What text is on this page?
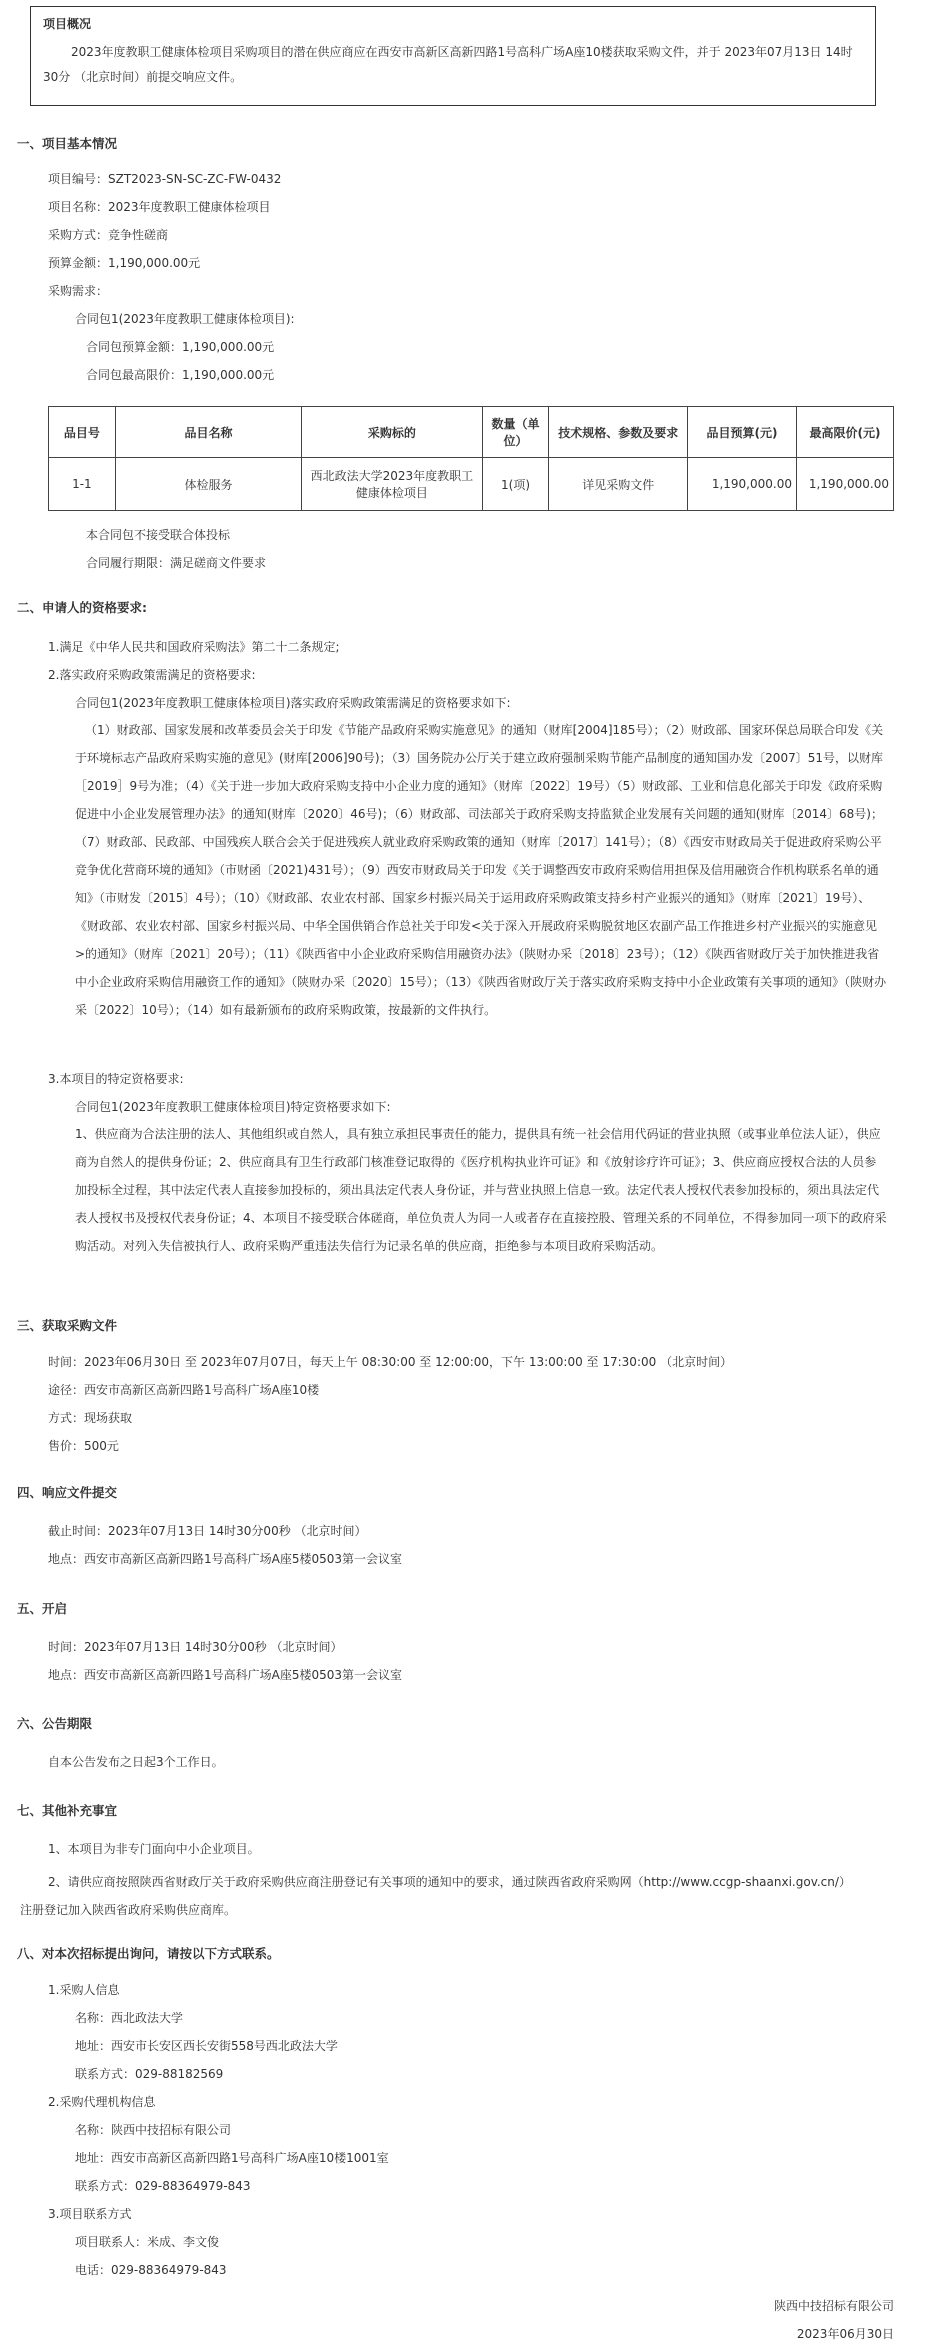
项目概况
2023年度教职工健康体检项目采购项目的潜在供应商应在西安市高新区高新四路1号高科广场A座10楼获取采购文件，并于 2023年07月13日 14时30分 （北京时间）前提交响应文件。
一、项目基本情况
项目编号：SZT2023-SN-SC-ZC-FW-0432
项目名称：2023年度教职工健康体检项目
采购方式：竞争性磋商
预算金额：1,190,000.00元
采购需求：
合同包1(2023年度教职工健康体检项目):
合同包预算金额：1,190,000.00元
合同包最高限价：1,190,000.00元
品目号	品目名称	采购标的	数量（单位）	技术规格、参数及要求	品目预算(元)	最高限价(元)
1-1	体检服务	西北政法大学2023年度教职工健康体检项目	1(项)	详见采购文件	1,190,000.00	1,190,000.00
本合同包不接受联合体投标
合同履行期限：满足磋商文件要求
二、申请人的资格要求:
1.满足《中华人民共和国政府采购法》第二十二条规定;
2.落实政府采购政策需满足的资格要求:
合同包1(2023年度教职工健康体检项目)落实政府采购政策需满足的资格要求如下:
（1）财政部、国家发展和改革委员会关于印发《节能产品政府采购实施意见》的通知（财库[2004]185号）；（2）财政部、国家环保总局联合印发《关于环境标志产品政府采购实施的意见》(财库[2006]90号)；（3）国务院办公厅关于建立政府强制采购节能产品制度的通知国办发〔2007〕51号，以财库［2019］9号为准；（4）《关于进一步加大政府采购支持中小企业力度的通知》（财库〔2022〕19号）（5）财政部、工业和信息化部关于印发《政府采购促进中小企业发展管理办法》的通知(财库〔2020〕46号)；（6）财政部、司法部关于政府采购支持监狱企业发展有关问题的通知(财库〔2014〕68号)；（7）财政部、民政部、中国残疾人联合会关于促进残疾人就业政府采购政策的通知（财库〔2017〕141号）；（8）《西安市财政局关于促进政府采购公平竞争优化营商环境的通知》（市财函〔2021)431号）；（9）西安市财政局关于印发《关于调整西安市政府采购信用担保及信用融资合作机构联系名单的通知》（市财发〔2015〕4号）；（10）《财政部、农业农村部、国家乡村振兴局关于运用政府采购政策支持乡村产业振兴的通知》（财库〔2021〕19号）、《财政部、农业农村部、国家乡村振兴局、中华全国供销合作总社关于印发<关于深入开展政府采购脱贫地区农副产品工作推进乡村产业振兴的实施意见>的通知》（财库〔2021〕20号）；（11）《陕西省中小企业政府采购信用融资办法》（陕财办采〔2018〕23号）；（12）《陕西省财政厅关于加快推进我省中小企业政府采购信用融资工作的通知》（陕财办采〔2020〕15号）；（13）《陕西省财政厅关于落实政府采购支持中小企业政策有关事项的通知》（陕财办采〔2022〕10号）；（14）如有最新颁布的政府采购政策，按最新的文件执行。
3.本项目的特定资格要求:
合同包1(2023年度教职工健康体检项目)特定资格要求如下:
1、供应商为合法注册的法人、其他组织或自然人，具有独立承担民事责任的能力，提供具有统一社会信用代码证的营业执照（或事业单位法人证），供应商为自然人的提供身份证；2、供应商具有卫生行政部门核准登记取得的《医疗机构执业许可证》和《放射诊疗许可证》；3、供应商应授权合法的人员参加投标全过程，其中法定代表人直接参加投标的，须出具法定代表人身份证，并与营业执照上信息一致。法定代表人授权代表参加投标的，须出具法定代表人授权书及授权代表身份证；4、本项目不接受联合体磋商，单位负责人为同一人或者存在直接控股、管理关系的不同单位，不得参加同一项下的政府采购活动。对列入失信被执行人、政府采购严重违法失信行为记录名单的供应商，拒绝参与本项目政府采购活动。
三、获取采购文件
时间：2023年06月30日 至 2023年07月07日，每天上午 08:30:00 至 12:00:00，下午 13:00:00 至 17:30:00 （北京时间）
途径：西安市高新区高新四路1号高科广场A座10楼
方式：现场获取
售价：500元
四、响应文件提交
截止时间：2023年07月13日 14时30分00秒 （北京时间）
地点：西安市高新区高新四路1号高科广场A座5楼0503第一会议室
五、开启
时间：2023年07月13日 14时30分00秒 （北京时间）
地点：西安市高新区高新四路1号高科广场A座5楼0503第一会议室
六、公告期限
自本公告发布之日起3个工作日。
七、其他补充事宜
1、本项目为非专门面向中小企业项目。
2、请供应商按照陕西省财政厅关于政府采购供应商注册登记有关事项的通知中的要求，通过陕西省政府采购网（http://www.ccgp-shaanxi.gov.cn/）
注册登记加入陕西省政府采购供应商库。
八、对本次招标提出询问，请按以下方式联系。
1.采购人信息
名称：西北政法大学
地址：西安市长安区西长安街558号西北政法大学
联系方式：029-88182569
2.采购代理机构信息
名称：陕西中技招标有限公司
地址：西安市高新区高新四路1号高科广场A座10楼1001室
联系方式：029-88364979-843
3.项目联系方式
项目联系人：米成、李文俊
电话：029-88364979-843
陕西中技招标有限公司
2023年06月30日
